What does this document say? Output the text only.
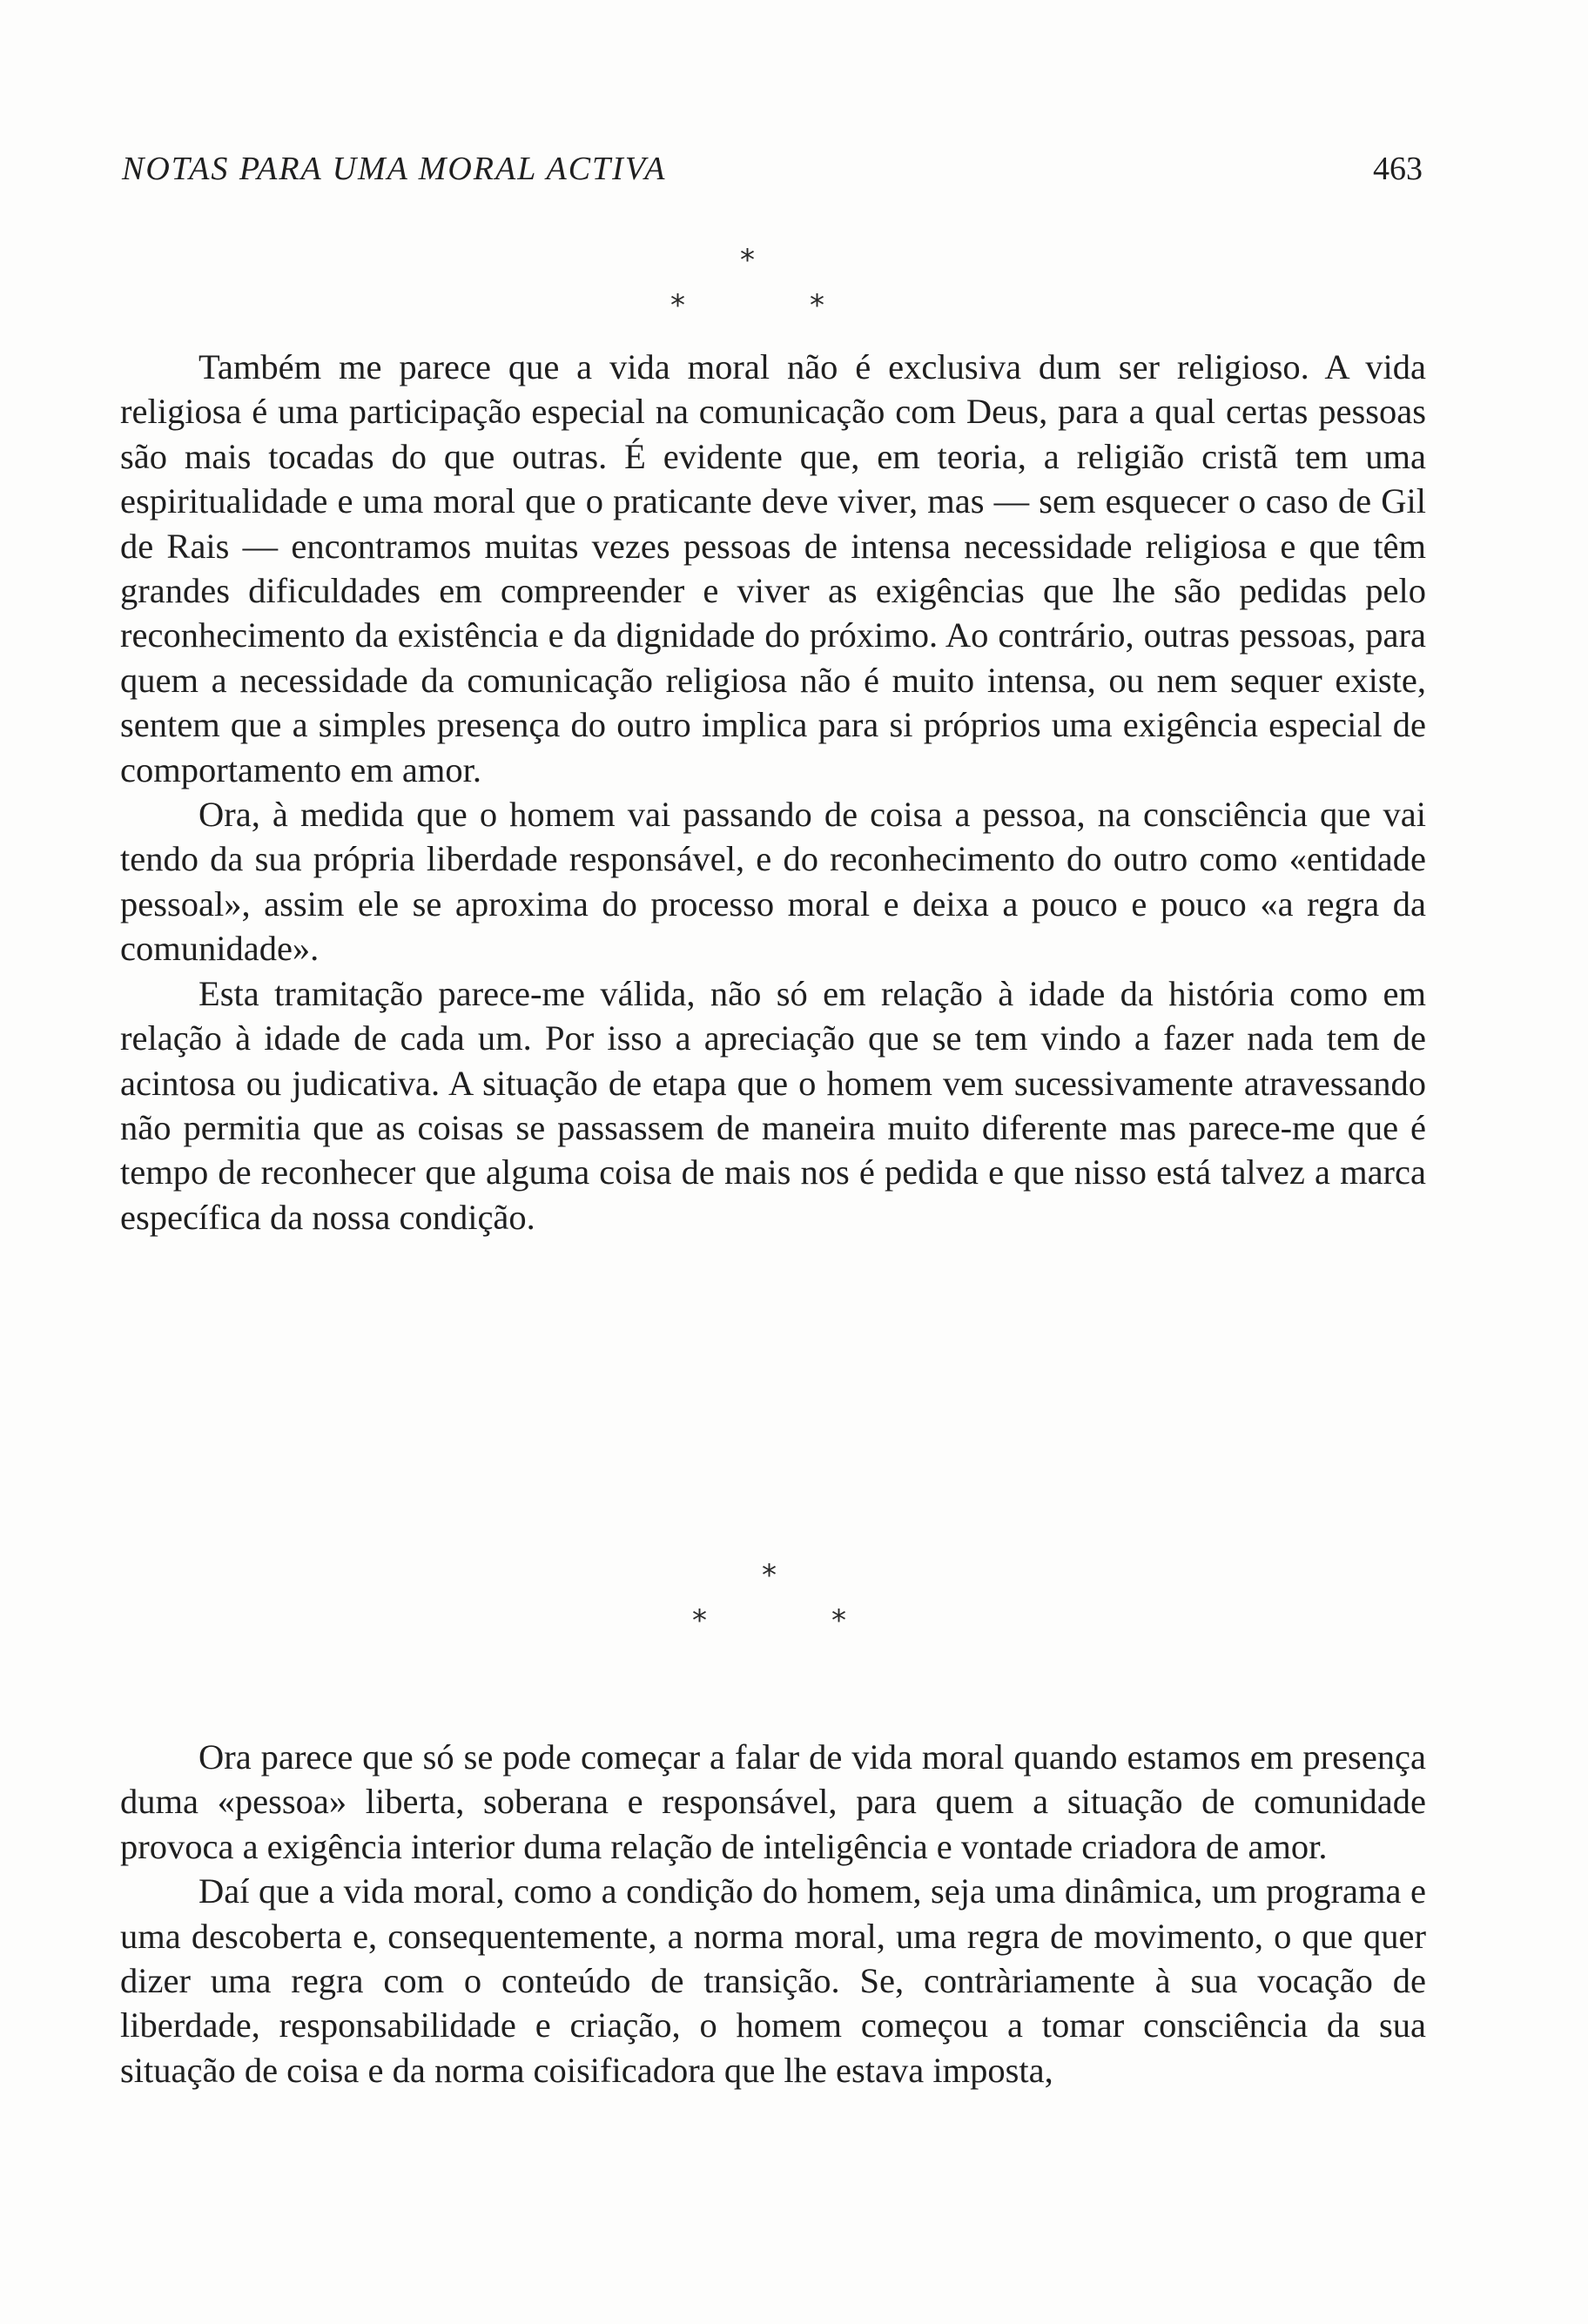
NOTAS PARA UMA MORAL ACTIVA	463
*
*	*

Também me parece que a vida moral não é exclusiva dum ser religioso. A vida religiosa é uma participação especial na comunicação com Deus, para a qual certas pessoas são mais tocadas do que outras. É evidente que, em teoria, a religião cristã tem uma espiritualidade e uma moral que o praticante deve viver, mas — sem esquecer o caso de Gil de Rais — encontramos muitas vezes pessoas de intensa necessidade religiosa e que têm grandes dificuldades em compreender e viver as exigências que lhe são pedidas pelo reconhecimento da existência e da dignidade do próximo. Ao contrário, outras pessoas, para quem a necessidade da comunicação religiosa não é muito intensa, ou nem sequer existe, sentem que a simples presença do outro implica para si próprios uma exigência especial de comportamento em amor.

Ora, à medida que o homem vai passando de coisa a pessoa, na consciência que vai tendo da sua própria liberdade responsável, e do reconhecimento do outro como «entidade pessoal», assim ele se aproxima do processo moral e deixa a pouco e pouco «a regra da comunidade».

Esta tramitação parece-me válida, não só em relação à idade da história como em relação à idade de cada um. Por isso a apreciação que se tem vindo a fazer nada tem de acintosa ou judicativa. A situação de etapa que o homem vem sucessivamente atravessando não permitia que as coisas se passassem de maneira muito diferente mas parece-me que é tempo de reconhecer que alguma coisa de mais nos é pedida e que nisso está talvez a marca específica da nossa condição.

*
*	*

Ora parece que só se pode começar a falar de vida moral quando estamos em presença duma «pessoa» liberta, soberana e responsável, para quem a situação de comunidade provoca a exigência interior duma relação de inteligência e vontade criadora de amor.

Daí que a vida moral, como a condição do homem, seja uma dinâmica, um programa e uma descoberta e, consequentemente, a norma moral, uma regra de movimento, o que quer dizer uma regra com o conteúdo de transição. Se, contràriamente à sua vocação de liberdade, responsabilidade e criação, o homem começou a tomar consciência da sua situação de coisa e da norma coisificadora que lhe estava imposta,
